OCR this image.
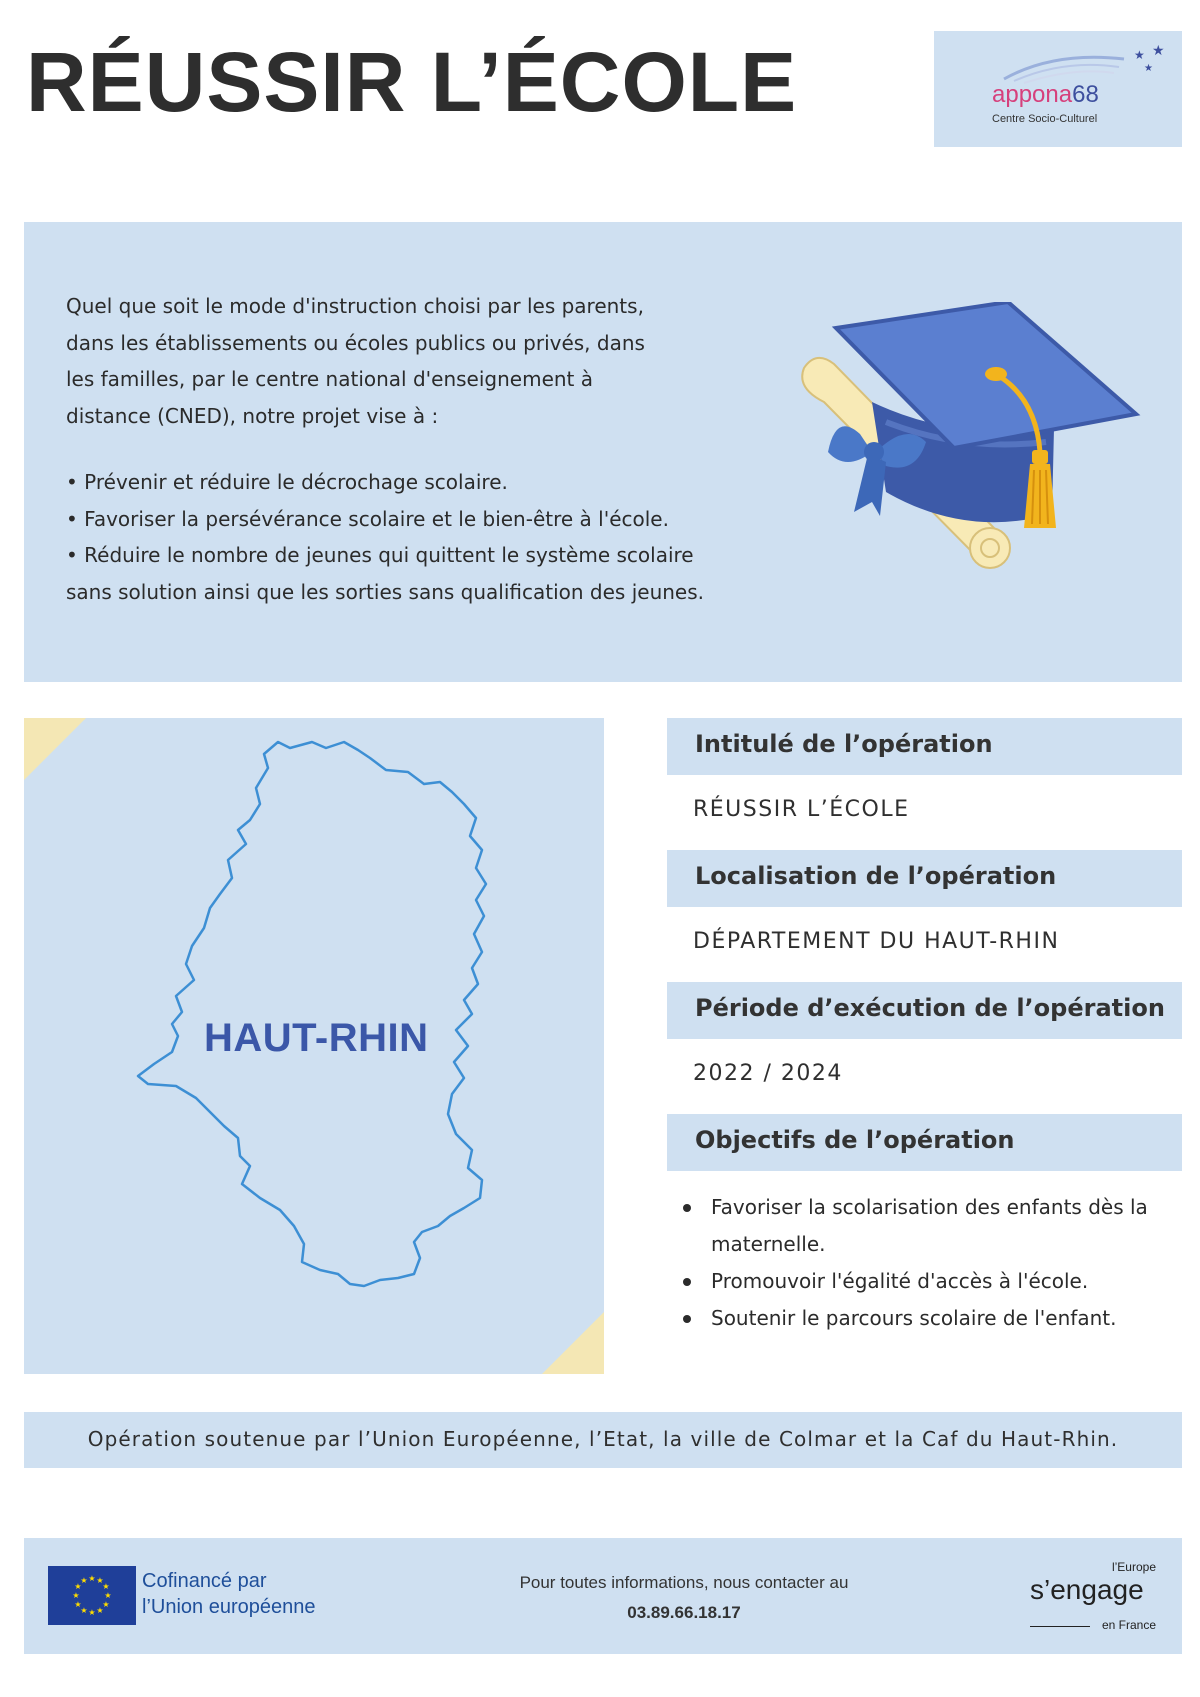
RÉUSSIR L’ÉCOLE	★ ★
★
appona68
Centre Socio-Culturel
Quel que soit le mode d'instruction choisi par les parents,
dans les établissements ou écoles publics ou privés, dans
les familles, par le centre national d'enseignement à
distance (CNED), notre projet vise à :
• Prévenir et réduire le décrochage scolaire.
• Favoriser la persévérance scolaire et le bien-être à l'école.
• Réduire le nombre de jeunes qui quittent le système scolaire
sans solution ainsi que les sorties sans qualification des jeunes.
HAUT-RHIN
Intitulé de l’opération
RÉUSSIR L’ÉCOLE
Localisation de l’opération
DÉPARTEMENT DU HAUT-RHIN
Période d’exécution de l’opération
2022 / 2024
Objectifs de l’opération
Favoriser la scolarisation des enfants dès la maternelle.
Promouvoir l'égalité d'accès à l'école.
Soutenir le parcours scolaire de l'enfant.
Opération soutenue par l’Union Européenne, l’Etat, la ville de Colmar et la Caf du Haut-Rhin.
★ ★
★
★
★
★
★
★
★
★
★
★	Cofinancé par
l’Union européenne
Pour toutes informations, nous contacter au
03.89.66.18.17
l’Europe
s’engage
en France
